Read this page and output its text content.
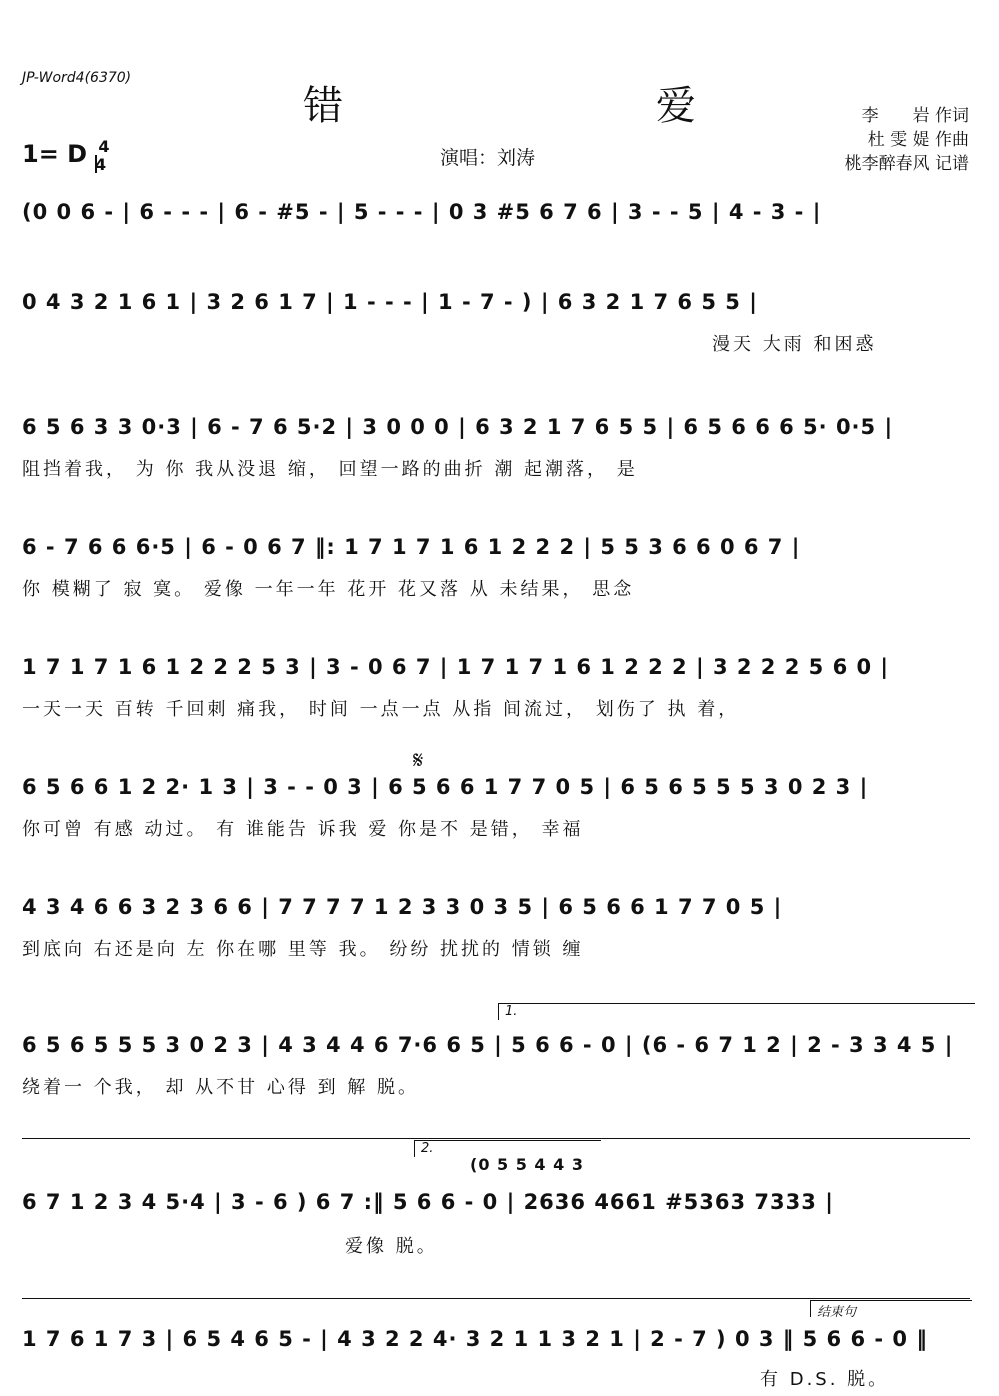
JP-Word4(6370)
错 爱
1= D $\frac{4}{4}$	演唱：刘涛
李　　岩 作词
杜 雯 媞 作曲
桃李醉春风 记谱
(0 0 6 - | 6 - - - | 6 - #5 - | 5 - - - | 0 3 #5 6 7 6 | 3 - - 5 | 4 - 3 - |
0 4 3 2 1 6 1 | 3 2 6 1 7 | 1 - - - | 1 - 7 - ) | 6 3 2 1 7 6 5 5 |
漫天 大雨 和困惑
6 5 6 3 3 0·3 | 6 - 7 6 5·2 | 3 0 0 0 | 6 3 2 1 7 6 5 5 | 6 5 6 6 6 5· 0·5 |
阻挡着我， 为 你 我从没退 缩， 回望一路的曲折 潮 起潮落， 是
6 - 7 6 6 6·5 | 6 - 0 6 7 ‖: 1 7 1 7 1 6 1 2 2 2 | 5 5 3 6 6 0 6 7 |
你 模糊了 寂 寞。 爱像 一年一年 花开 花又落 从 未结果， 思念
1 7 1 7 1 6 1 2 2 2 5 3 | 3 - 0 6 7 | 1 7 1 7 1 6 1 2 2 2 | 3 2 2 2 5 6 0 |
一天一天 百转 千回刺 痛我， 时间 一点一点 从指 间流过， 划伤了 执 着，
𝄋
6 5 6 6 1 2 2· 1 3 | 3 - - 0 3 | 6 5 6 6 1 7 7 0 5 | 6 5 6 5 5 5 3 0 2 3 |
你可曾 有感 动过。 有 谁能告 诉我 爱 你是不 是错， 幸福
4 3 4 6 6 3 2 3 6 6 | 7 7 7 7 1 2 3 3 0 3 5 | 6 5 6 6 1 7 7 0 5 |
到底向 右还是向 左 你在哪 里等 我。 纷纷 扰扰的 情锁 缠
1.
6 5 6 5 5 5 3 0 2 3 | 4 3 4 4 6 7·6 6 5 | 5 6 6 - 0 | (6 - 6 7 1 2 | 2 - 3 3 4 5 |
绕着一 个我， 却 从不甘 心得 到 解 脱。
2.
(0 5 5 4 4 3
6 7 1 2 3 4 5·4 | 3 - 6 ) 6 7 :‖ 5 6 6 - 0 | 2636 4661 #5363 7333 |
爱像 脱。
结束句
1 7 6 1 7 3 | 6 5 4 6 5 - | 4 3 2 2 4· 3 2 1 1 3 2 1 | 2 - 7 ) 0 3 ‖ 5 6 6 - 0 ‖
有 D.S. 脱。
